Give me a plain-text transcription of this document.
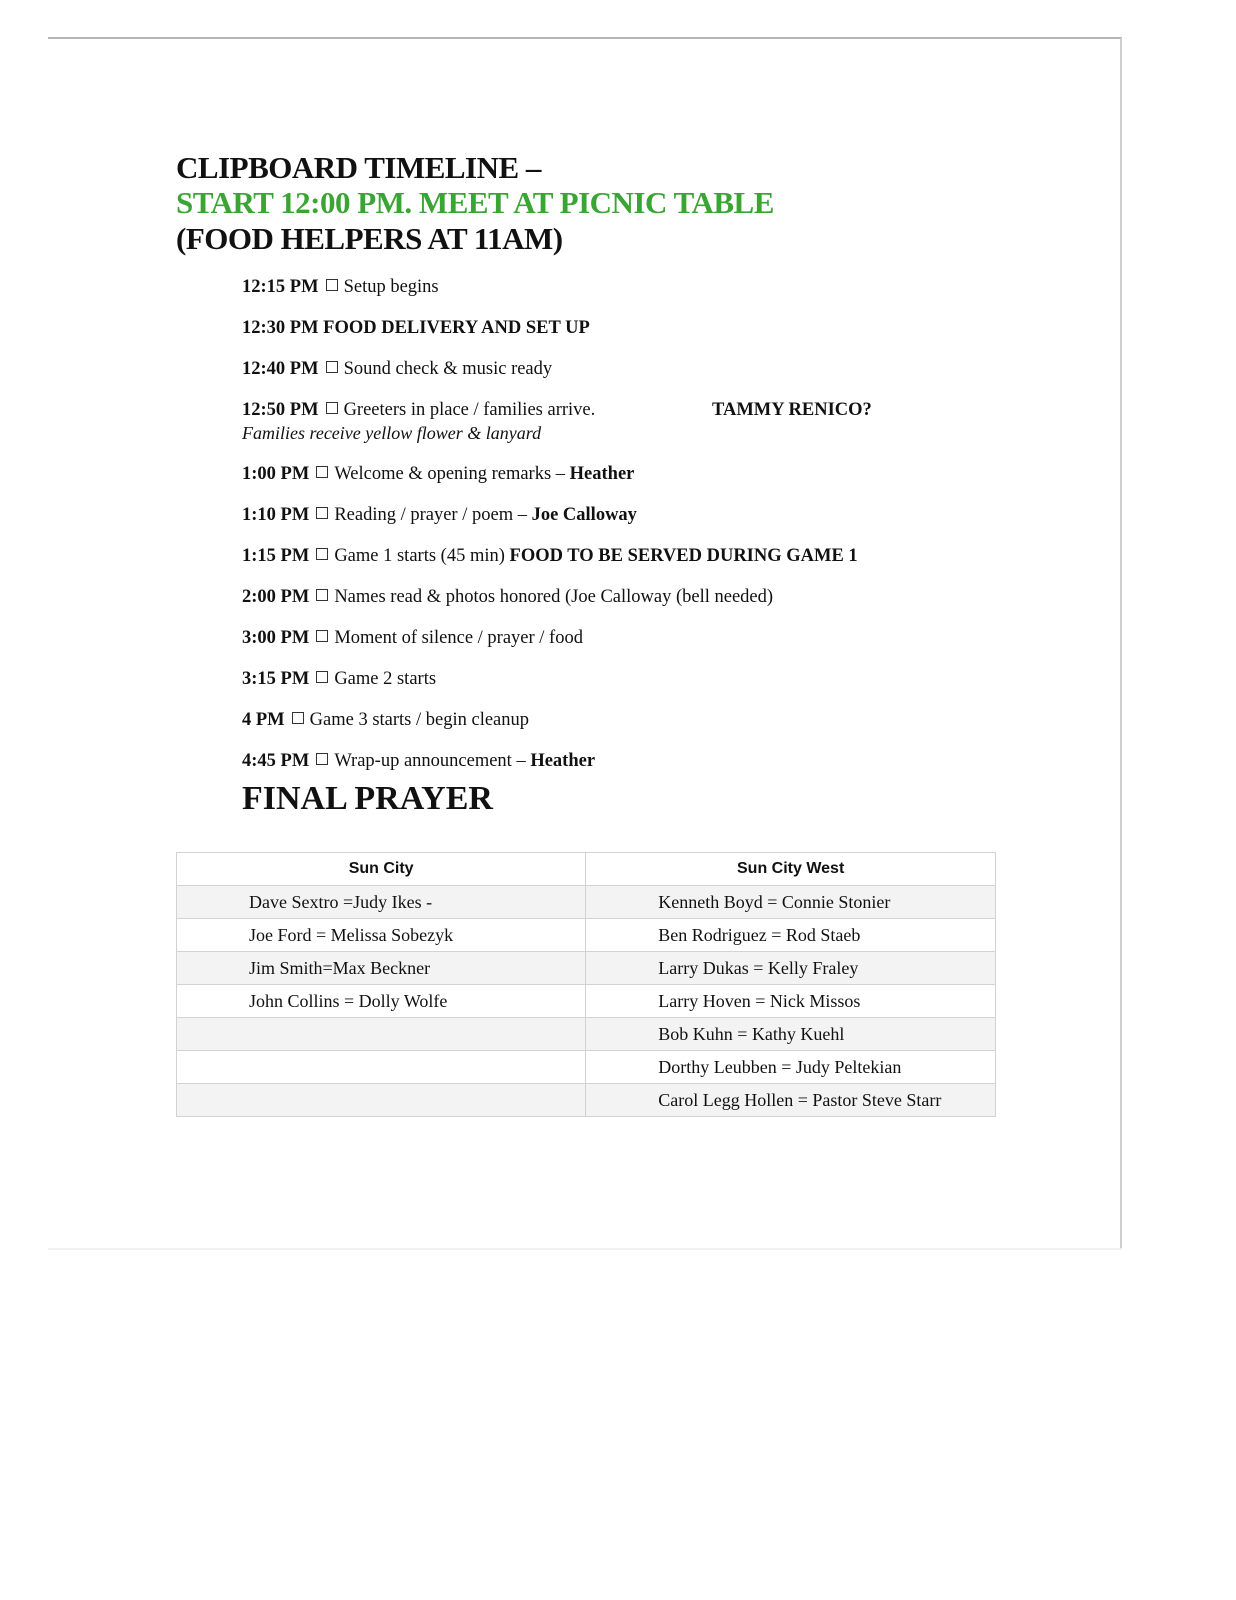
CLIPBOARD TIMELINE –
START 12:00 PM. MEET AT PICNIC TABLE
(FOOD HELPERS AT 11AM)
12:15 PM Setup begins
12:30 PM FOOD DELIVERY AND SET UP
12:40 PM Sound check & music ready
12:50 PM Greeters in place / families arrive.	TAMMY RENICO?
Families receive yellow flower & lanyard
1:00 PM Welcome & opening remarks – Heather
1:10 PM Reading / prayer / poem – Joe Calloway
1:15 PM Game 1 starts (45 min) FOOD TO BE SERVED DURING GAME 1
2:00 PM Names read & photos honored (Joe Calloway (bell needed)
3:00 PM Moment of silence / prayer / food
3:15 PM Game 2 starts
4 PM Game 3 starts / begin cleanup
4:45 PM Wrap-up announcement – Heather
FINAL PRAYER
Sun City	Sun City West
Dave Sextro =Judy Ikes -	Kenneth Boyd = Connie Stonier
Joe Ford = Melissa Sobezyk	Ben Rodriguez = Rod Staeb
Jim Smith=Max Beckner	Larry Dukas = Kelly Fraley
John Collins = Dolly Wolfe	Larry Hoven = Nick Missos
	Bob Kuhn = Kathy Kuehl
	Dorthy Leubben = Judy Peltekian
	Carol Legg Hollen = Pastor Steve Starr
